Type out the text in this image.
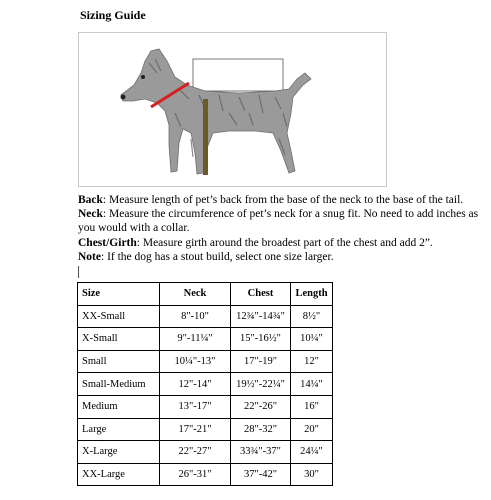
Sizing Guide

Back: Measure length of pet’s back from the base of the neck to the base of the tail.

Neck: Measure the circumference of pet’s neck for a snug fit. No need to add inches as you would with a collar.

Chest/Girth: Measure girth around the broadest part of the chest and add 2”.

Note: If the dog has a stout build, select one size larger.

Size	Neck	Chest	Length
XX-Small	8"-10"	12¾"-14¾"	8½"
X-Small	9"-11¼"	15"-16½"	10¼"
Small	10¼"-13"	17"-19"	12"
Small-Medium	12"-14"	19½"-22¼"	14¼"
Medium	13"-17"	22"-26"	16"
Large	17"-21"	28"-32"	20"
X-Large	22"-27"	33¾"-37"	24¼"
XX-Large	26"-31"	37"-42"	30"
